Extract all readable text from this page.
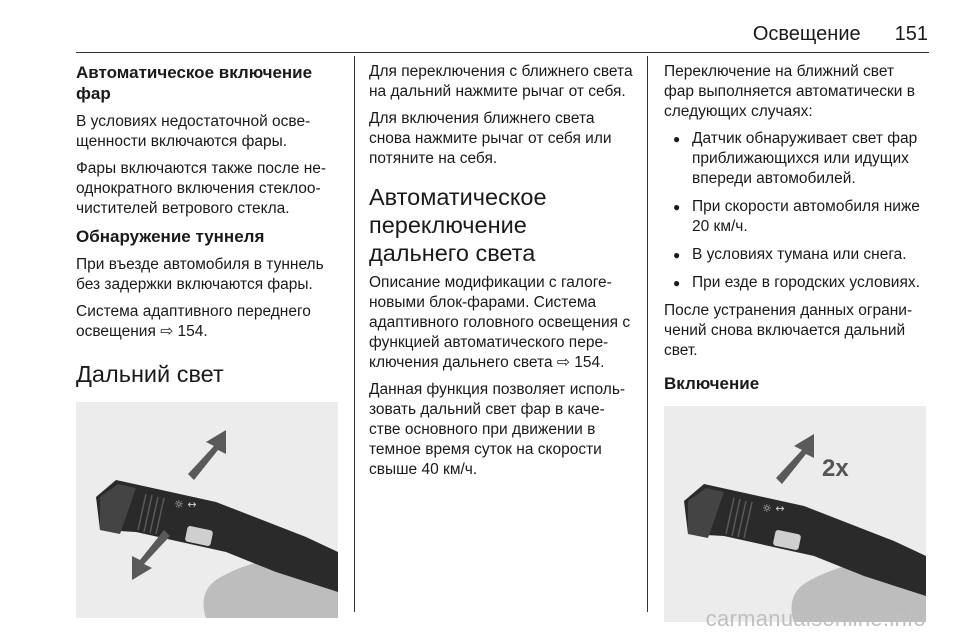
Освещение 151
Автоматическое включение фар

В условиях недостаточной осве-щенности включаются фары.

Фары включаются также после не-однократного включения стеклоо-чистителей ветрового стекла.

Обнаружение туннеля

При въезде автомобиля в туннель без задержки включаются фары.

Система адаптивного переднего освещения ⇨ 154.

Дальний свет
☼ ↔

Для переключения с ближнего света на дальний нажмите рычаг от себя.

Для включения ближнего света снова нажмите рычаг от себя или потяните на себя.

Автоматическое переключение дальнего света

Описание модификации с галоге-новыми блок-фарами. Система адаптивного головного освещения с функцией автоматического пере-ключения дальнего света ⇨ 154.

Данная функция позволяет исполь-зовать дальний свет фар в каче-стве основного при движении в темное время суток на скорости свыше 40 км/ч.

Переключение на ближний свет фар выполняется автоматически в следующих случаях:

● Датчик обнаруживает свет фар приближающихся или идущих впереди автомобилей.
● При скорости автомобиля ниже 20 км/ч.
● В условиях тумана или снега.
● При езде в городских условиях.

После устранения данных ограни-чений снова включается дальний свет.

Включение
☼ ↔
2x
carmanualsonline.info
